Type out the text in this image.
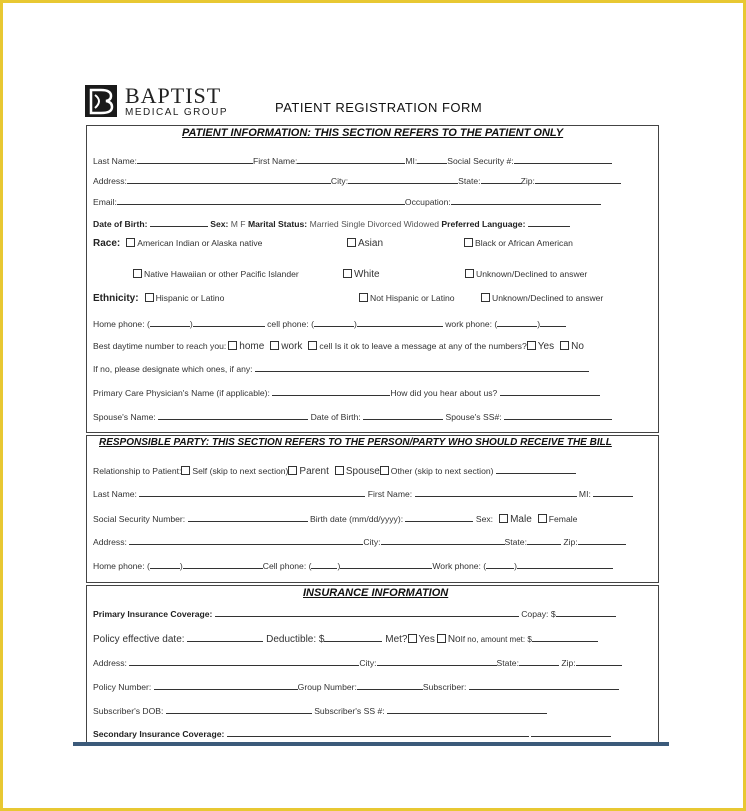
BAPTIST
MEDICAL GROUP	PATIENT REGISTRATION FORM
PATIENT INFORMATION: THIS SECTION REFERS TO THE PATIENT ONLY
Last Name:	First Name:	MI:	Social Security #:
Address:	City:	State:	Zip:
Email:	Occupation:
Date of Birth:	Sex: M F Marital Status: Married Single Divorced Widowed Preferred Language:
Race: American Indian or Alaska native	Asian	Black or African American
Native Hawaiian or other Pacific Islander	White	Unknown/Declined to answer
Ethnicity: Hispanic or Latino	Not Hispanic or Latino	Unknown/Declined to answer
Home phone: (	)	cell phone: (	)	work phone: (	)
Best daytime number to reach you: home work cell Is it ok to leave a message at any of the numbers? Yes No
If no, please designate which ones, if any:
Primary Care Physician's Name (if applicable):	How did you hear about us?
Spouse's Name:	Date of Birth:	Spouse's SS#:
RESPONSIBLE PARTY: THIS SECTION REFERS TO THE PERSON/PARTY WHO SHOULD RECEIVE THE BILL
Relationship to Patient: Self (skip to next section) Parent Spouse Other (skip to next section)
Last Name:	First Name:	MI:
Social Security Number:	Birth date (mm/dd/yyyy):	Sex: Male Female
Address:	City:	State:	Zip:
Home phone: (	)	Cell phone: (	)	Work phone: (	)
INSURANCE INFORMATION
Primary Insurance Coverage:	Copay: $
Policy effective date:	Deductible: $	Met? Yes NoIf no, amount met: $
Address:	City:	State:	Zip:
Policy Number:	Group Number:	Subscriber:
Subscriber's DOB:	Subscriber's SS #:
Secondary Insurance Coverage:
